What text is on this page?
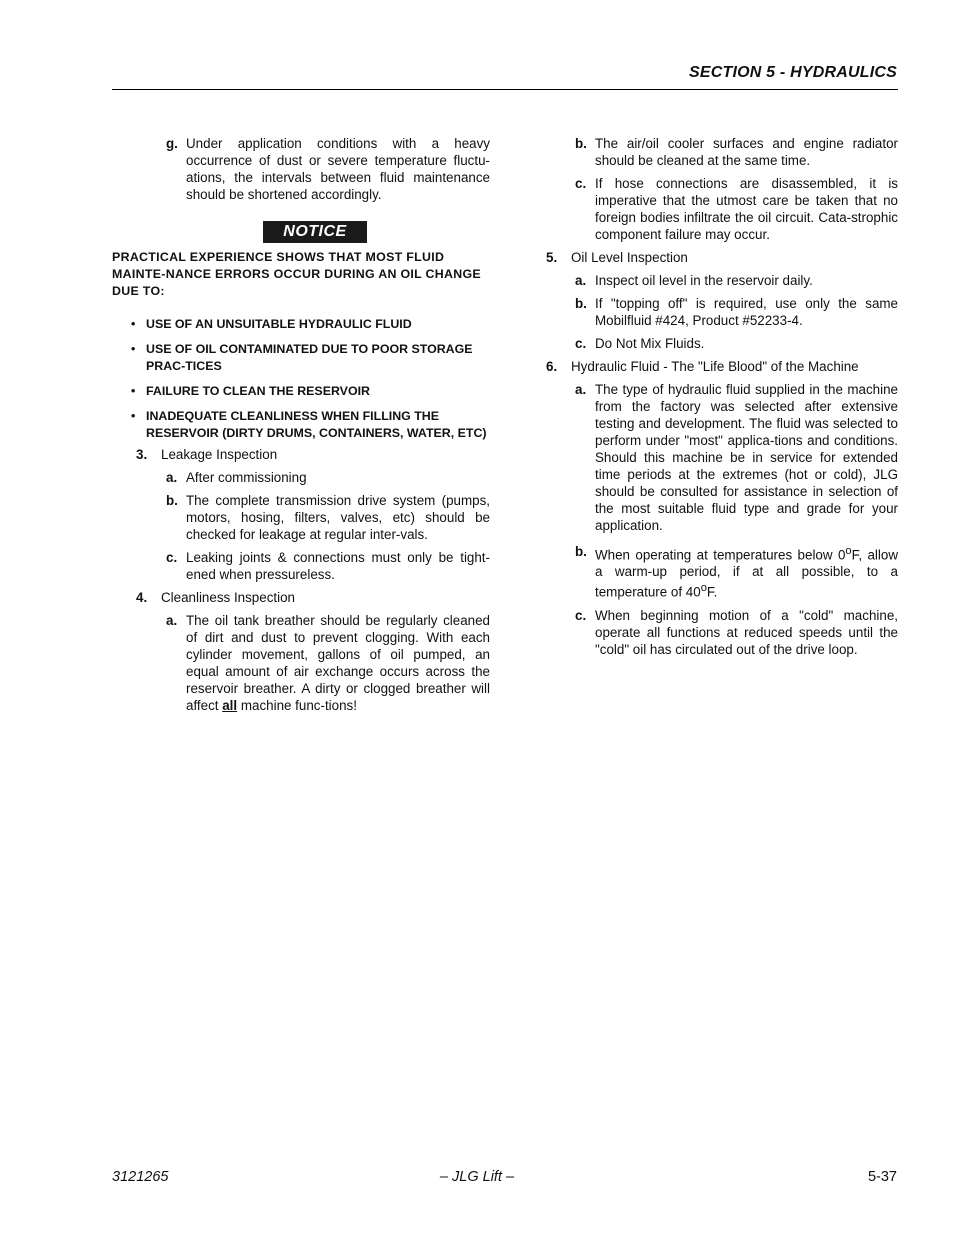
SECTION 5 - HYDRAULICS
g. Under application conditions with a heavy occurrence of dust or severe temperature fluctu-ations, the intervals between fluid maintenance should be shortened accordingly.
NOTICE
PRACTICAL EXPERIENCE SHOWS THAT MOST FLUID MAINTE-NANCE ERRORS OCCUR DURING AN OIL CHANGE DUE TO:
• USE OF AN UNSUITABLE HYDRAULIC FLUID
• USE OF OIL CONTAMINATED DUE TO POOR STORAGE PRAC-TICES
• FAILURE TO CLEAN THE RESERVOIR
• INADEQUATE CLEANLINESS WHEN FILLING THE RESERVOIR (DIRTY DRUMS, CONTAINERS, WATER, ETC)
3. Leakage Inspection
a. After commissioning
b. The complete transmission drive system (pumps, motors, hosing, filters, valves, etc) should be checked for leakage at regular inter-vals.
c. Leaking joints & connections must only be tight-ened when pressureless.
4. Cleanliness Inspection
a. The oil tank breather should be regularly cleaned of dirt and dust to prevent clogging. With each cylinder movement, gallons of oil pumped, an equal amount of air exchange occurs across the reservoir breather. A dirty or clogged breather will affect all machine func-tions!
b. The air/oil cooler surfaces and engine radiator should be cleaned at the same time.
c. If hose connections are disassembled, it is imperative that the utmost care be taken that no foreign bodies infiltrate the oil circuit. Cata-strophic component failure may occur.
5. Oil Level Inspection
a. Inspect oil level in the reservoir daily.
b. If "topping off" is required, use only the same Mobilfluid #424, Product #52233-4.
c. Do Not Mix Fluids.
6. Hydraulic Fluid - The "Life Blood" of the Machine
a. The type of hydraulic fluid supplied in the machine from the factory was selected after extensive testing and development. The fluid was selected to perform under "most" applica-tions and conditions. Should this machine be in service for extended time periods at the extremes (hot or cold), JLG should be consulted for assistance in selection of the most suitable fluid type and grade for your application.
b. When operating at temperatures below 0$^o$F, allow a warm-up period, if at all possible, to a temperature of 40$^o$F.
c. When beginning motion of a "cold" machine, operate all functions at reduced speeds until the "cold" oil has circulated out of the drive loop.
3121265	– JLG Lift –	5-37
